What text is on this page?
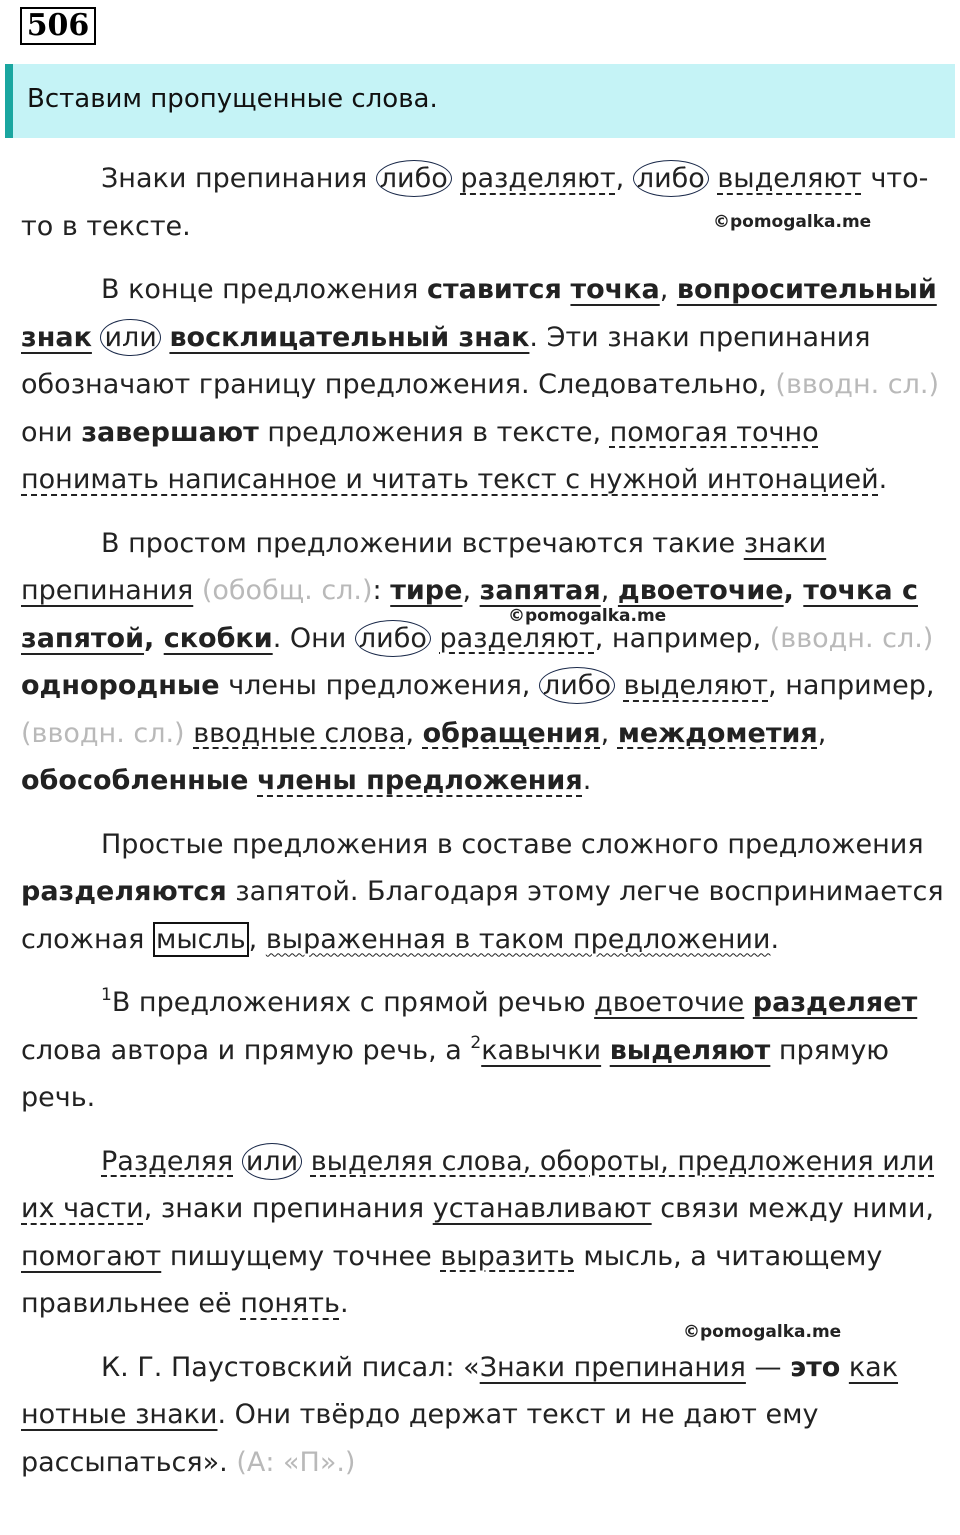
506
Вставим пропущенные слова.

Знаки препинания либо разделяют, либо выделяют что-то в тексте.

В конце предложения ставится точка, вопросительный знак или восклицательный знак. Эти знаки препинания обозначают границу предложения. Следовательно, (вводн. сл.) они завершают предложения в тексте, помогая точно понимать написанное и читать текст с нужной интонацией.

В простом предложении встречаются такие знаки препинания (обобщ. сл.): тире, запятая, двоеточие, точка с запятой, скобки. Они либо разделяют, например, (вводн. сл.) однородные члены предложения, либо выделяют, например, (вводн. сл.) вводные слова, обращения, междометия, обособленные члены предложения.

Простые предложения в составе сложного предложения разделяются запятой. Благодаря этому легче воспринимается сложная мысль , выраженная в таком предложении.

$^1$В предложениях с прямой речью двоеточие разделяет слова автора и прямую речь, а $^2$кавычки выделяют прямую речь.

Разделяя или выделяя слова, обороты, предложения или их части, знаки препинания устанавливают связи между ними, помогают пишущему точнее выразить мысль, а читающему правильнее её понять.

К. Г. Паустовский писал: «Знаки препинания — это как нотные знаки. Они твёрдо держат текст и не дают ему рассыпаться». (А: «П».)

©pomogalka.me
©pomogalka.me
©pomogalka.me
